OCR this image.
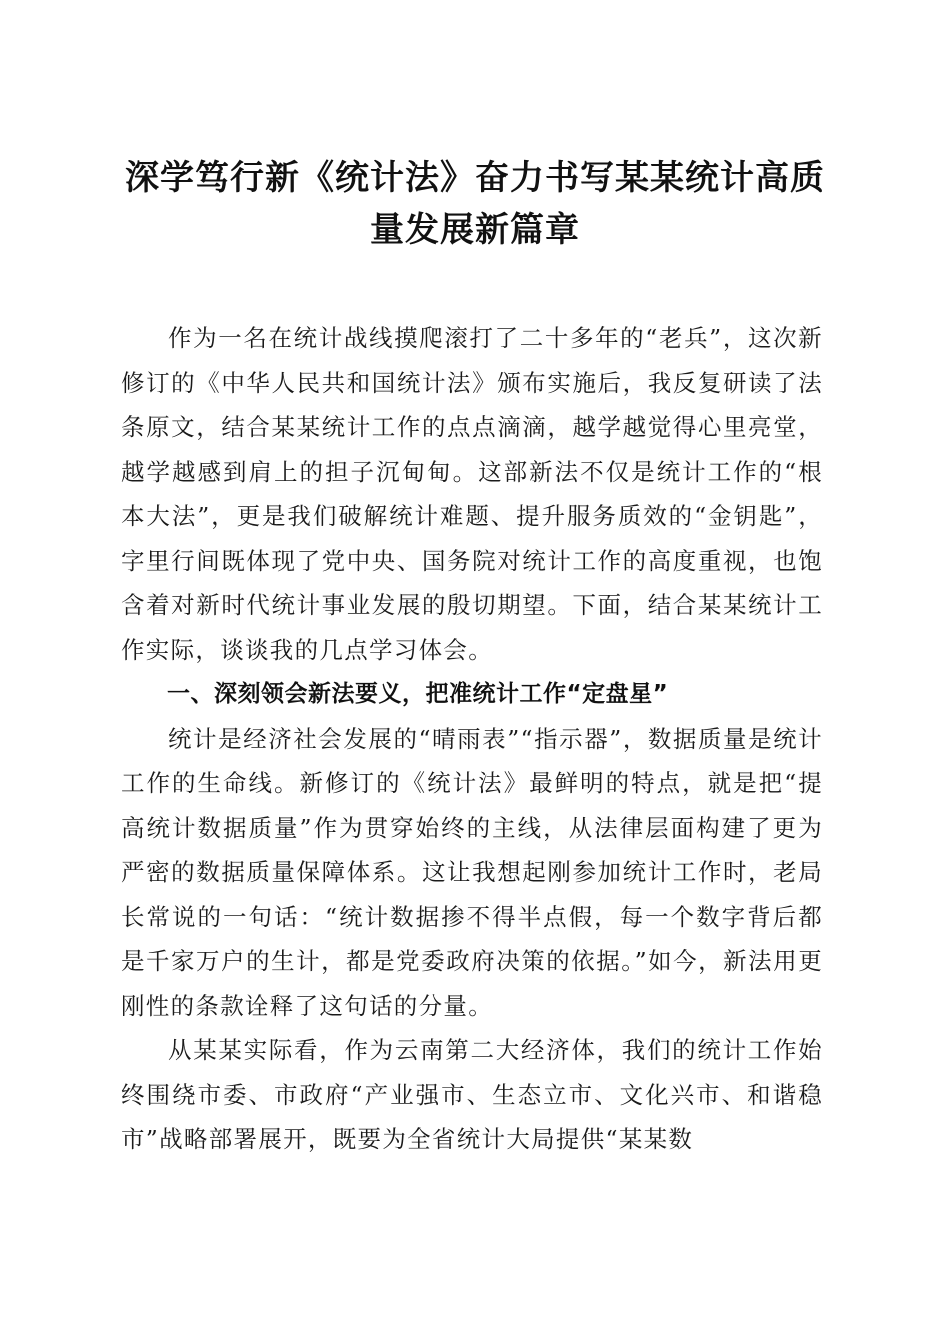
深学笃行新《统计法》奋力书写某某统计高质
量发展新篇章

作为一名在统计战线摸爬滚打了二十多年的“老兵”，这次新修订的《中华人民共和国统计法》颁布实施后，我反复研读了法条原文，结合某某统计工作的点点滴滴，越学越觉得心里亮堂，越学越感到肩上的担子沉甸甸。这部新法不仅是统计工作的“根本大法”，更是我们破解统计难题、提升服务质效的“金钥匙”，字里行间既体现了党中央、国务院对统计工作的高度重视，也饱含着对新时代统计事业发展的殷切期望。下面，结合某某统计工作实际，谈谈我的几点学习体会。

一、深刻领会新法要义，把准统计工作“定盘星”

统计是经济社会发展的“晴雨表”“指示器”，数据质量是统计工作的生命线。新修订的《统计法》最鲜明的特点，就是把“提高统计数据质量”作为贯穿始终的主线，从法律层面构建了更为严密的数据质量保障体系。这让我想起刚参加统计工作时，老局长常说的一句话：“统计数据掺不得半点假，每一个数字背后都是千家万户的生计，都是党委政府决策的依据。”如今，新法用更刚性的条款诠释了这句话的分量。

从某某实际看，作为云南第二大经济体，我们的统计工作始终围绕市委、市政府“产业强市、生态立市、文化兴市、和谐稳市”战略部署展开，既要为全省统计大局提供“某某数
